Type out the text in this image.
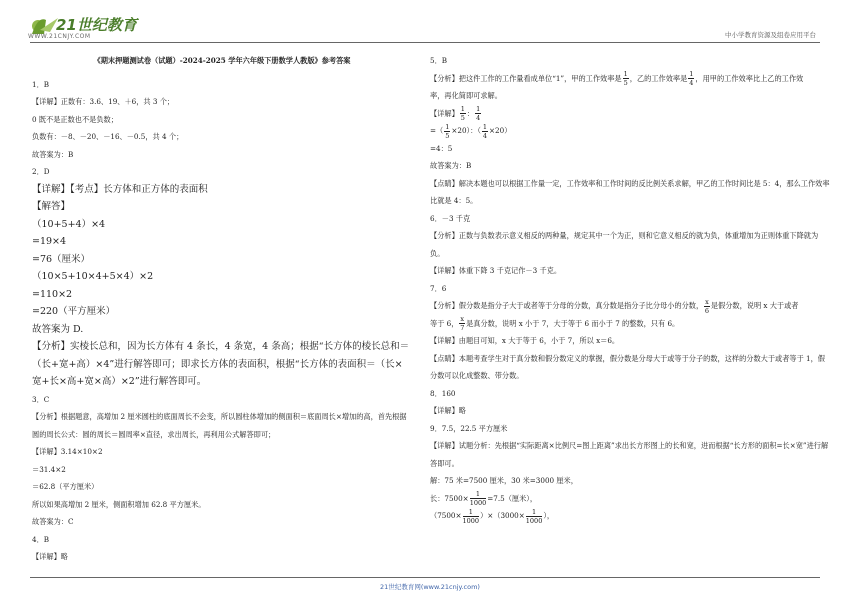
21世纪教育
WWW.21CNJY.COM	中小学教育资源及组卷应用平台

《期末押题测试卷（试题）-2024-2025 学年六年级下册数学人教版》参考答案

1．B

【详解】正数有：3.6、19、＋6，共 3 个；

0 既不是正数也不是负数；

负数有：－8、－20、－16、－0.5，共 4 个；

故答案为：B

2．D

【详解】【考点】长方体和正方体的表面积

【解答】

（10+5+4）×4

=19×4

=76（厘米）

（10×5+10×4+5×4）×2

=110×2

=220（平方厘米）

故答案为 D.

【分析】实棱长总和，因为长方体有 4 条长，4 条宽，4 条高；根据“长方体的棱长总和＝（长+宽+高）×4”进行解答即可；即求长方体的表面积，根据“长方体的表面积＝（长×宽+长×高+宽×高）×2”进行解答即可。

3．C

【分析】根据题意，高增加 2 厘米圆柱的底面周长不会变，所以圆柱体增加的侧面积＝底面周长×增加的高，首先根据圆的周长公式：圆的周长＝圆周率×直径，求出周长，再利用公式解答即可；

【详解】3.14×10×2

＝31.4×2

＝62.8（平方厘米）

所以如果高增加 2 厘米，侧面积增加 62.8 平方厘米。

故答案为：C

4．B

【详解】略

5．B

【分析】把这件工作的工作量看成单位“1”，甲的工作效率是 $\frac{1}{5}$ ，乙的工作效率是 $\frac{1}{4}$ ，用甲的工作效率比上乙的工作效

率，再化简即可求解。

【详解】 $\frac{1}{5}$ ： $\frac{1}{4}$

=（ $\frac{1}{5} \times 20$）：（ $\frac{1}{4} \times 20$）

=4：5

故答案为：B

【点睛】解决本题也可以根据工作量一定，工作效率和工作时间的反比例关系求解，甲乙的工作时间比是 5：4，那么工作效率比就是 4：5。

6．－3 千克

【分析】正数与负数表示意义相反的两种量，规定其中一个为正，则和它意义相反的就为负，体重增加为正则体重下降就为负。

【详解】体重下降 3 千克记作－3 千克。

7．6

【分析】假分数是指分子大于或者等于分母的分数，真分数是指分子比分母小的分数， $\frac{x}{6}$ 是假分数，说明 x 大于或者

等于 6， $\frac{x}{7}$ 是真分数，说明 x 小于 7，大于等于 6 而小于 7 的整数，只有 6。

【详解】由题目可知，x 大于等于 6，小于 7，所以 x＝6。

【点睛】本题考查学生对于真分数和假分数定义的掌握，假分数是分母大于或等于分子的数，这样的分数大于或者等于 1，假分数可以化成整数、带分数。

8．160

【详解】略

9．7.5，22.5 平方厘米

【详解】试题分析：先根据“实际距离×比例尺=图上距离”求出长方形图上的长和宽，进而根据“长方形的面积=长×宽”进行解答即可。

解：75 米=7500 厘米，30 米=3000 厘米，

长：$7500\times \frac{1}{1000} =7.5$（厘米），

$(7500\times \frac{1}{1000} )\times(3000\times \frac{1}{1000}$ ），

21世纪教育网(www.21cnjy.com)
